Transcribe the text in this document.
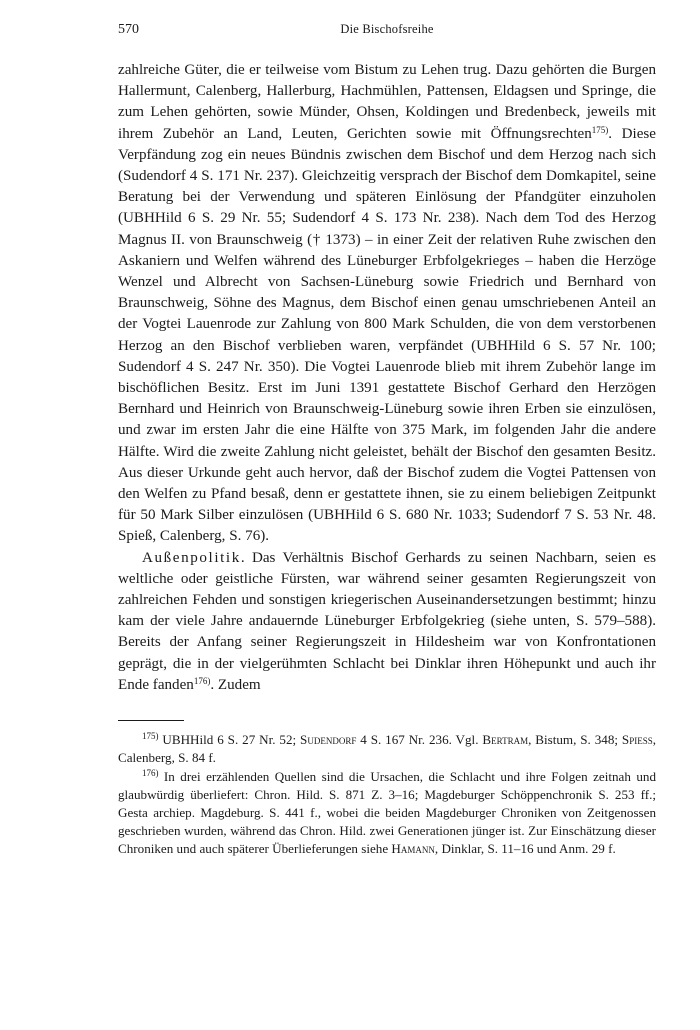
570	Die Bischofsreihe

zahlreiche Güter, die er teilweise vom Bistum zu Lehen trug. Dazu gehörten die Burgen Hallermunt, Calenberg, Hallerburg, Hachmühlen, Pattensen, Eldagsen und Springe, die zum Lehen gehörten, sowie Münder, Ohsen, Koldingen und Bredenbeck, jeweils mit ihrem Zubehör an Land, Leuten, Gerichten sowie mit Öffnungsrechten$^{175)}$. Diese Verpfändung zog ein neues Bündnis zwischen dem Bischof und dem Herzog nach sich (Sudendorf 4 S. 171 Nr. 237). Gleichzeitig versprach der Bischof dem Domkapitel, seine Beratung bei der Verwendung und späteren Einlösung der Pfandgüter einzuholen (UBHHild 6 S. 29 Nr. 55; Sudendorf 4 S. 173 Nr. 238). Nach dem Tod des Herzog Magnus II. von Braunschweig († 1373) – in einer Zeit der relativen Ruhe zwischen den Askaniern und Welfen während des Lüneburger Erbfolgekrieges – haben die Herzöge Wenzel und Albrecht von Sachsen-Lüneburg sowie Friedrich und Bernhard von Braunschweig, Söhne des Magnus, dem Bischof einen genau umschriebenen Anteil an der Vogtei Lauenrode zur Zahlung von 800 Mark Schulden, die von dem verstorbenen Herzog an den Bischof verblieben waren, verpfändet (UBHHild 6 S. 57 Nr. 100; Sudendorf 4 S. 247 Nr. 350). Die Vogtei Lauenrode blieb mit ihrem Zubehör lange im bischöflichen Besitz. Erst im Juni 1391 gestattete Bischof Gerhard den Herzögen Bernhard und Heinrich von Braunschweig-Lüneburg sowie ihren Erben sie einzulösen, und zwar im ersten Jahr die eine Hälfte von 375 Mark, im folgenden Jahr die andere Hälfte. Wird die zweite Zahlung nicht geleistet, behält der Bischof den gesamten Besitz. Aus dieser Urkunde geht auch hervor, daß der Bischof zudem die Vogtei Pattensen von den Welfen zu Pfand besaß, denn er gestattete ihnen, sie zu einem beliebigen Zeitpunkt für 50 Mark Silber einzulösen (UBHHild 6 S. 680 Nr. 1033; Sudendorf 7 S. 53 Nr. 48. Spieß, Calenberg, S. 76).

Außenpolitik. Das Verhältnis Bischof Gerhards zu seinen Nachbarn, seien es weltliche oder geistliche Fürsten, war während seiner gesamten Regierungszeit von zahlreichen Fehden und sonstigen kriegerischen Auseinandersetzungen bestimmt; hinzu kam der viele Jahre andauernde Lüneburger Erbfolgekrieg (siehe unten, S. 579–588). Bereits der Anfang seiner Regierungszeit in Hildesheim war von Konfrontationen geprägt, die in der vielgerühmten Schlacht bei Dinklar ihren Höhepunkt und auch ihr Ende fanden$^{176)}$. Zudem

$^{175)}$ UBHHild 6 S. 27 Nr. 52; Sudendorf 4 S. 167 Nr. 236. Vgl. Bertram, Bistum, S. 348; Spiess, Calenberg, S. 84 f.

$^{176)}$ In drei erzählenden Quellen sind die Ursachen, die Schlacht und ihre Folgen zeitnah und glaubwürdig überliefert: Chron. Hild. S. 871 Z. 3–16; Magdeburger Schöppenchronik S. 253 ff.; Gesta archiep. Magdeburg. S. 441 f., wobei die beiden Magdeburger Chroniken von Zeitgenossen geschrieben wurden, während das Chron. Hild. zwei Generationen jünger ist. Zur Einschätzung dieser Chroniken und auch späterer Überlieferungen siehe Hamann, Dinklar, S. 11–16 und Anm. 29 f.
